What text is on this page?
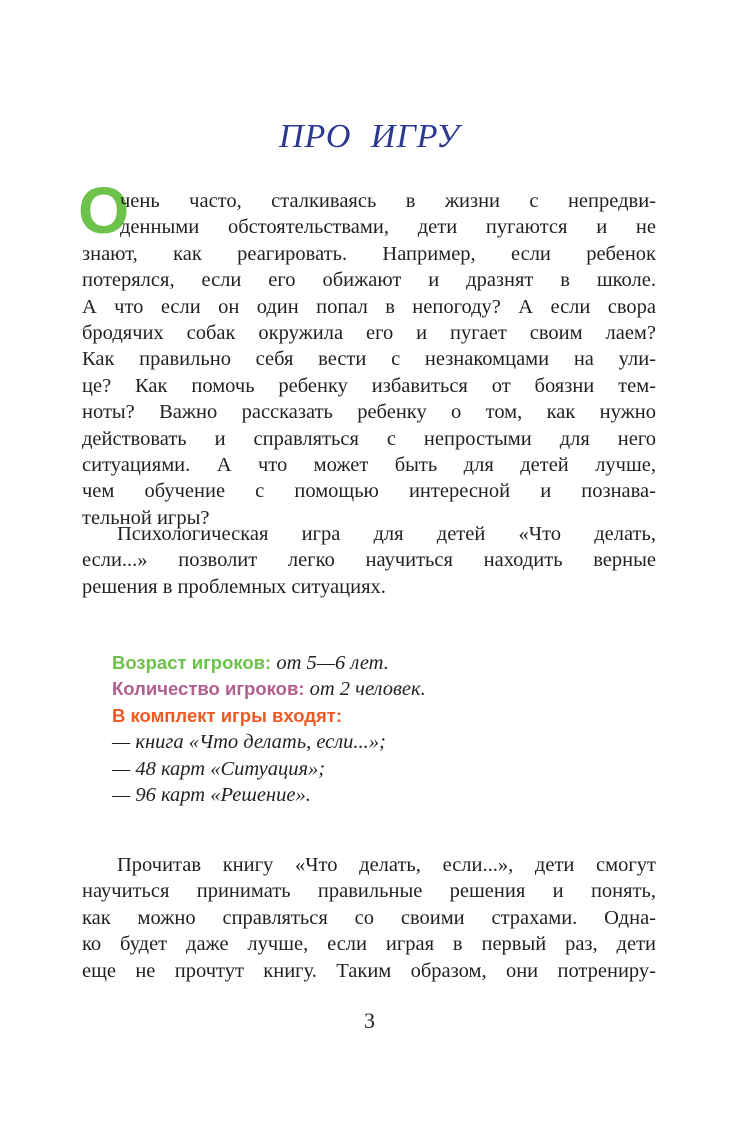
ПРО ИГРУ
О
чень часто, сталкиваясь в жизни с непредви-
денными обстоятельствами, дети пугаются и не
знают, как реагировать. Например, если ребенок
потерялся, если его обижают и дразнят в школе.
А что если он один попал в непогоду? А если свора
бродячих собак окружила его и пугает своим лаем?
Как правильно себя вести с незнакомцами на ули-
це? Как помочь ребенку избавиться от боязни тем-
ноты? Важно рассказать ребенку о том, как нужно
действовать и справляться с непростыми для него
ситуациями. А что может быть для детей лучше,
чем обучение с помощью интересной и познава-
тельной игры?
Психологическая игра для детей «Что делать,
если...» позволит легко научиться находить верные
решения в проблемных ситуациях.
Возраст игроков: от 5—6 лет.
Количество игроков: от 2 человек.
В комплект игры входят:
— книга «Что делать, если...»;
— 48 карт «Ситуация»;
— 96 карт «Решение».
Прочитав книгу «Что делать, если...», дети смогут
научиться принимать правильные решения и понять,
как можно справляться со своими страхами. Одна-
ко будет даже лучше, если играя в первый раз, дети
еще не прочтут книгу. Таким образом, они потрениру-
3
